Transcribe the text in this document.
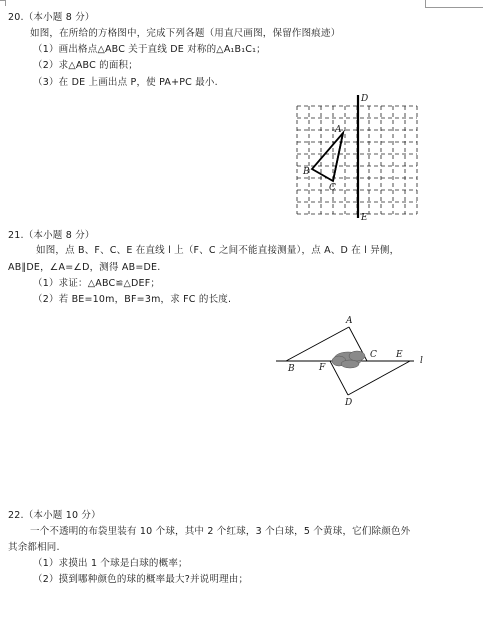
20.（本小题 8 分）
如图，在所给的方格图中，完成下列各题（用直尺画图，保留作图痕迹）
（1）画出格点△ABC 关于直线 DE 对称的△A₁B₁C₁；
（2）求△ABC 的面积；
（3）在 DE 上画出点 P，使 PA+PC 最小.
A
B
C
D
E
21.（本小题 8 分）
如图，点 B、F、C、E 在直线 l 上（F、C 之间不能直接测量），点 A、D 在 l 异侧，
AB∥DE，∠A=∠D，测得 AB=DE.
（1）求证：△ABC≌△DEF；
（2）若 BE=10m，BF=3m，求 FC 的长度.
A
B	F
C E
D
l
22.（本小题 10 分）
一个不透明的布袋里装有 10 个球，其中 2 个红球，3 个白球，5 个黄球，它们除颜色外
其余都相同.
（1）求摸出 1 个球是白球的概率；
（2）摸到哪种颜色的球的概率最大?并说明理由；
